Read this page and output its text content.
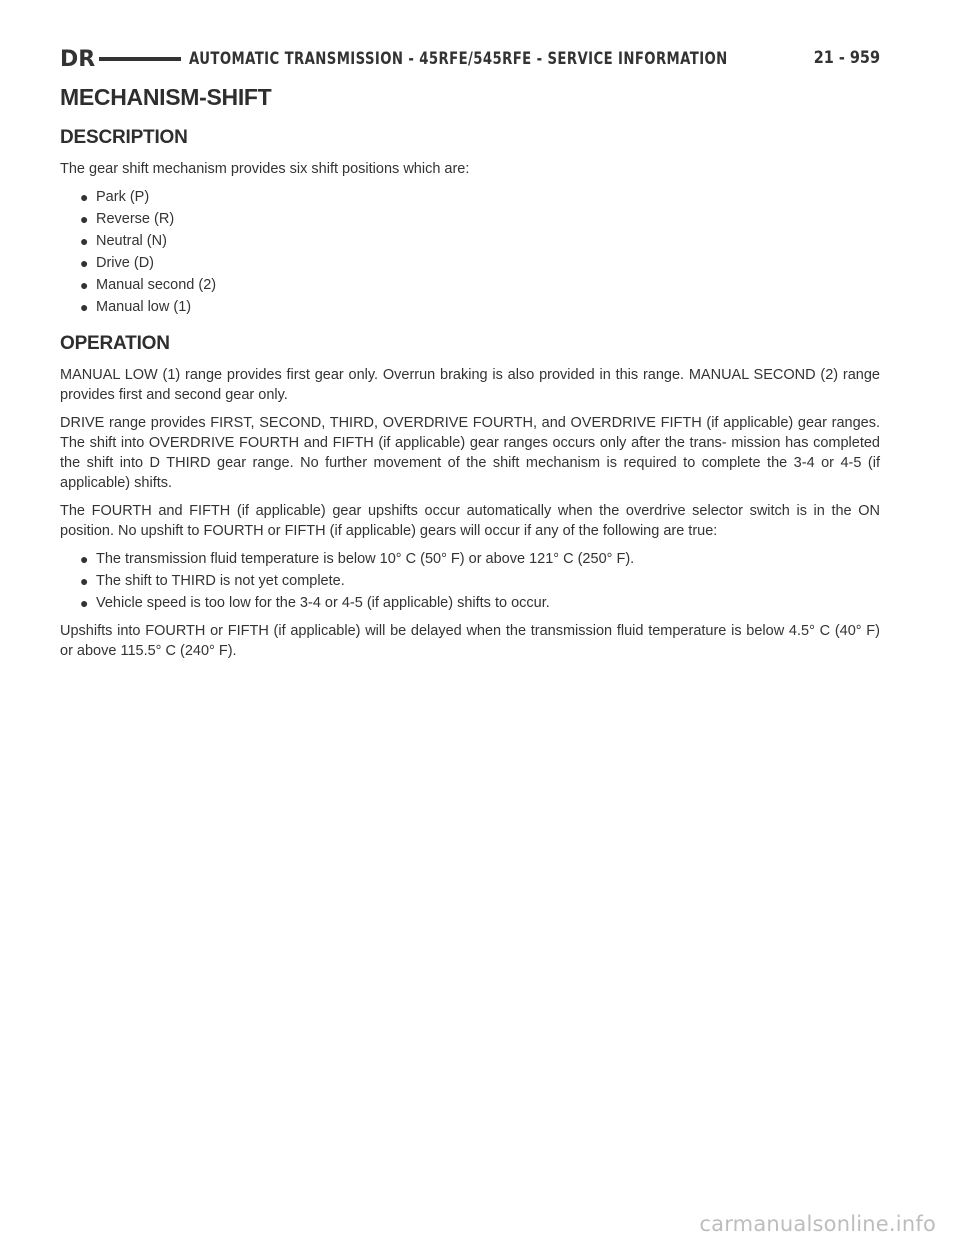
DR	AUTOMATIC TRANSMISSION - 45RFE/545RFE - SERVICE INFORMATION	21 - 959
MECHANISM-SHIFT
DESCRIPTION

The gear shift mechanism provides six shift positions which are:

● Park (P)
● Reverse (R)
● Neutral (N)
● Drive (D)
● Manual second (2)
● Manual low (1)
OPERATION

MANUAL LOW (1) range provides first gear only. Overrun braking is also provided in this range. MANUAL SECOND (2) range provides first and second gear only.

DRIVE range provides FIRST, SECOND, THIRD, OVERDRIVE FOURTH, and OVERDRIVE FIFTH (if applicable) gear ranges. The shift into OVERDRIVE FOURTH and FIFTH (if applicable) gear ranges occurs only after the trans- mission has completed the shift into D THIRD gear range. No further movement of the shift mechanism is required to complete the 3-4 or 4-5 (if applicable) shifts.

The FOURTH and FIFTH (if applicable) gear upshifts occur automatically when the overdrive selector switch is in the ON position. No upshift to FOURTH or FIFTH (if applicable) gears will occur if any of the following are true:

● The transmission fluid temperature is below 10° C (50° F) or above 121° C (250° F).
● The shift to THIRD is not yet complete.
● Vehicle speed is too low for the 3-4 or 4-5 (if applicable) shifts to occur.

Upshifts into FOURTH or FIFTH (if applicable) will be delayed when the transmission fluid temperature is below 4.5° C (40° F) or above 115.5° C (240° F).

carmanualsonline.info
